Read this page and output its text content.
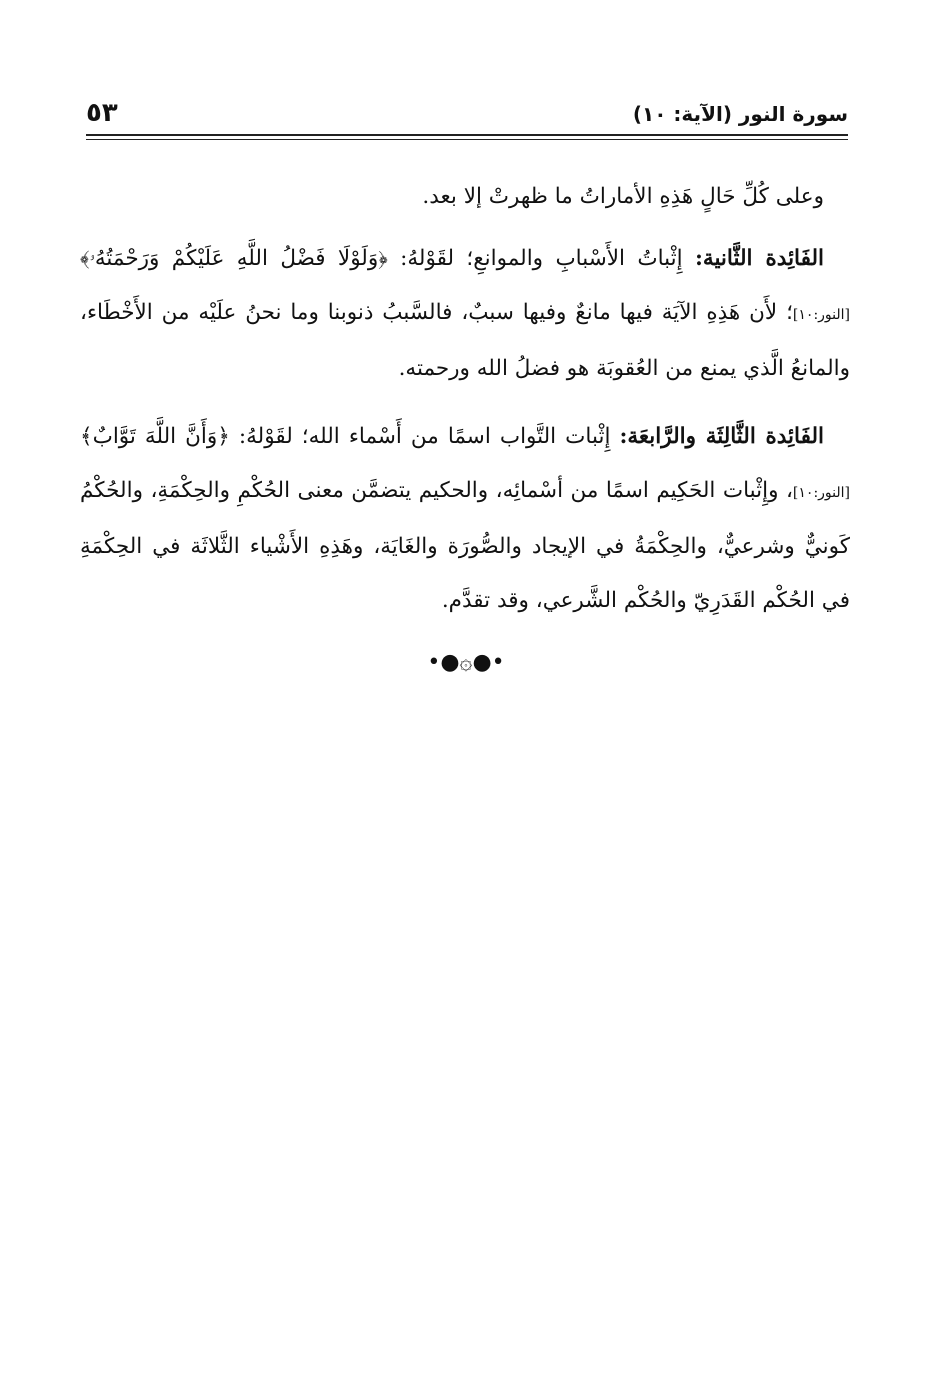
٥٣	سورة النور (الآية: ١٠)

وعلى كُلِّ حَالٍ هَذِهِ الأماراتُ ما ظهرتْ إلا بعد.

الفَائِدة الثَّانية: إِثْباتُ الأَسْبابِ والموانعِ؛ لقَوْلهُ: ﴿وَلَوْلَا فَضْلُ اللَّهِ عَلَيْكُمْ وَرَحْمَتُهُۥ﴾ [النور:١٠]؛ لأَن هَذِهِ الآيَة فيها مانعٌ وفيها سببٌ، فالسَّببُ ذنوبنا وما نحنُ علَيْه من الأَخْطَاء، والمانعُ الَّذي يمنع من العُقوبَة هو فضلُ الله ورحمته.

الفَائِدة الثَّالِثَة والرَّابعَة: إِثْبات التَّواب اسمًا من أَسْماء الله؛ لقَوْلهُ: ﴿وَأَنَّ اللَّهَ تَوَّابٌ﴾ [النور:١٠]، وإِثْبات الحَكِيم اسمًا من أسْمائِه، والحكيم يتضمَّن معنى الحُكْمِ والحِكْمَةِ، والحُكْمُ كَونيٌّ وشرعيٌّ، والحِكْمَةُ في الإيجاد والصُّورَة والغَايَة، وهَذِهِ الأَشْياء الثَّلاثَة في الحِكْمَةِ في الحُكْم القَدَرِيّ والحُكْم الشَّرعي، وقد تقدَّم.

•●۞●•
